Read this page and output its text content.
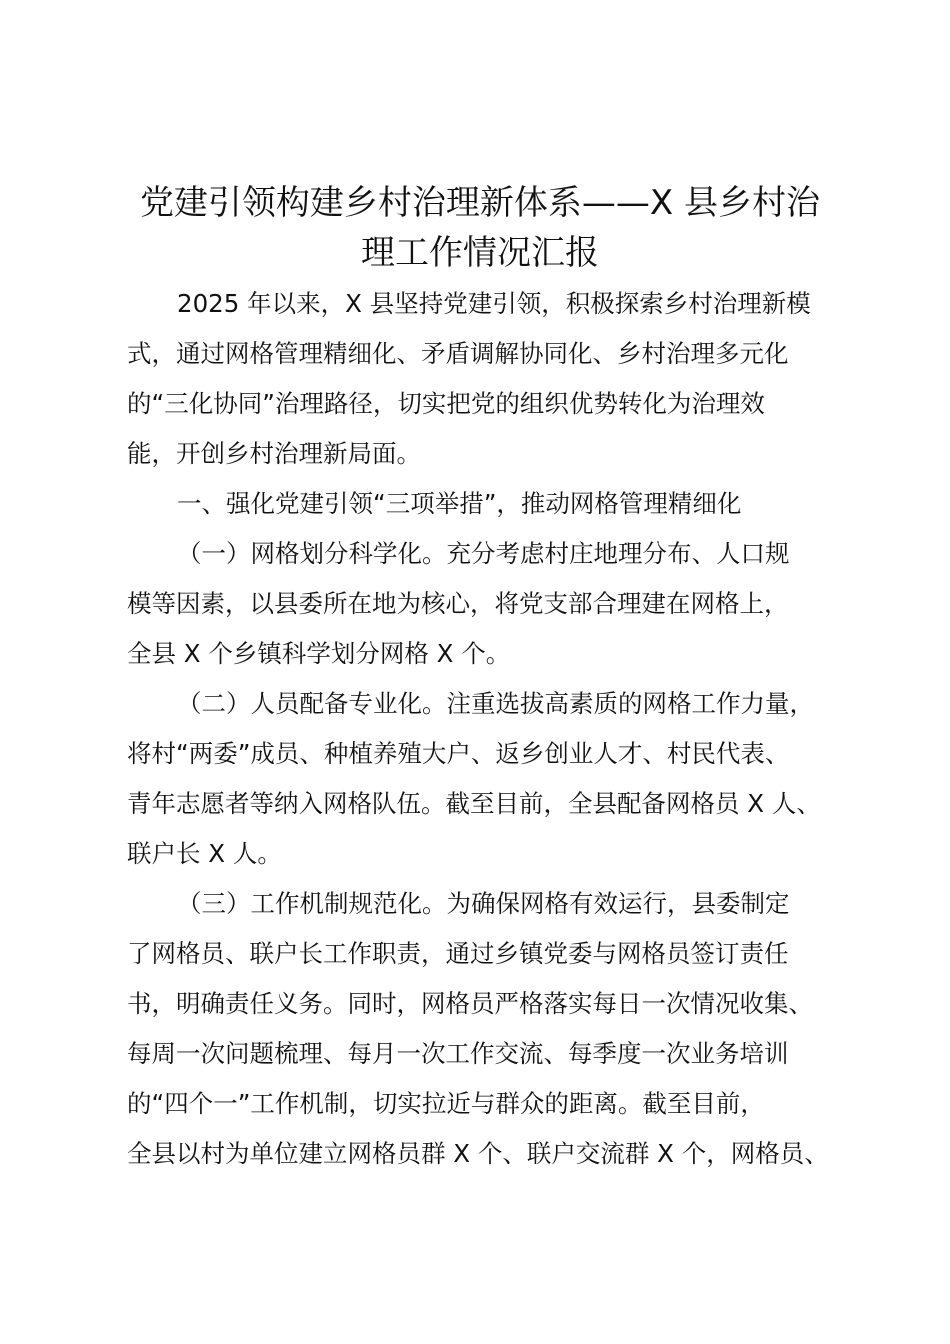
党建引领构建乡村治理新体系——X 县乡村治
理工作情况汇报
2025 年以来，X 县坚持党建引领，积极探索乡村治理新模
式，通过网格管理精细化、矛盾调解协同化、乡村治理多元化
的“三化协同”治理路径，切实把党的组织优势转化为治理效
能，开创乡村治理新局面。
一、强化党建引领“三项举措”，推动网格管理精细化
（一）网格划分科学化。充分考虑村庄地理分布、人口规
模等因素，以县委所在地为核心，将党支部合理建在网格上，
全县 X 个乡镇科学划分网格 X 个。
（二）人员配备专业化。注重选拔高素质的网格工作力量，
将村“两委”成员、种植养殖大户、返乡创业人才、村民代表、
青年志愿者等纳入网格队伍。截至目前，全县配备网格员 X 人、
联户长 X 人。
（三）工作机制规范化。为确保网格有效运行，县委制定
了网格员、联户长工作职责，通过乡镇党委与网格员签订责任
书，明确责任义务。同时，网格员严格落实每日一次情况收集、
每周一次问题梳理、每月一次工作交流、每季度一次业务培训
的“四个一”工作机制，切实拉近与群众的距离。截至目前，
全县以村为单位建立网格员群 X 个、联户交流群 X 个，网格员、
